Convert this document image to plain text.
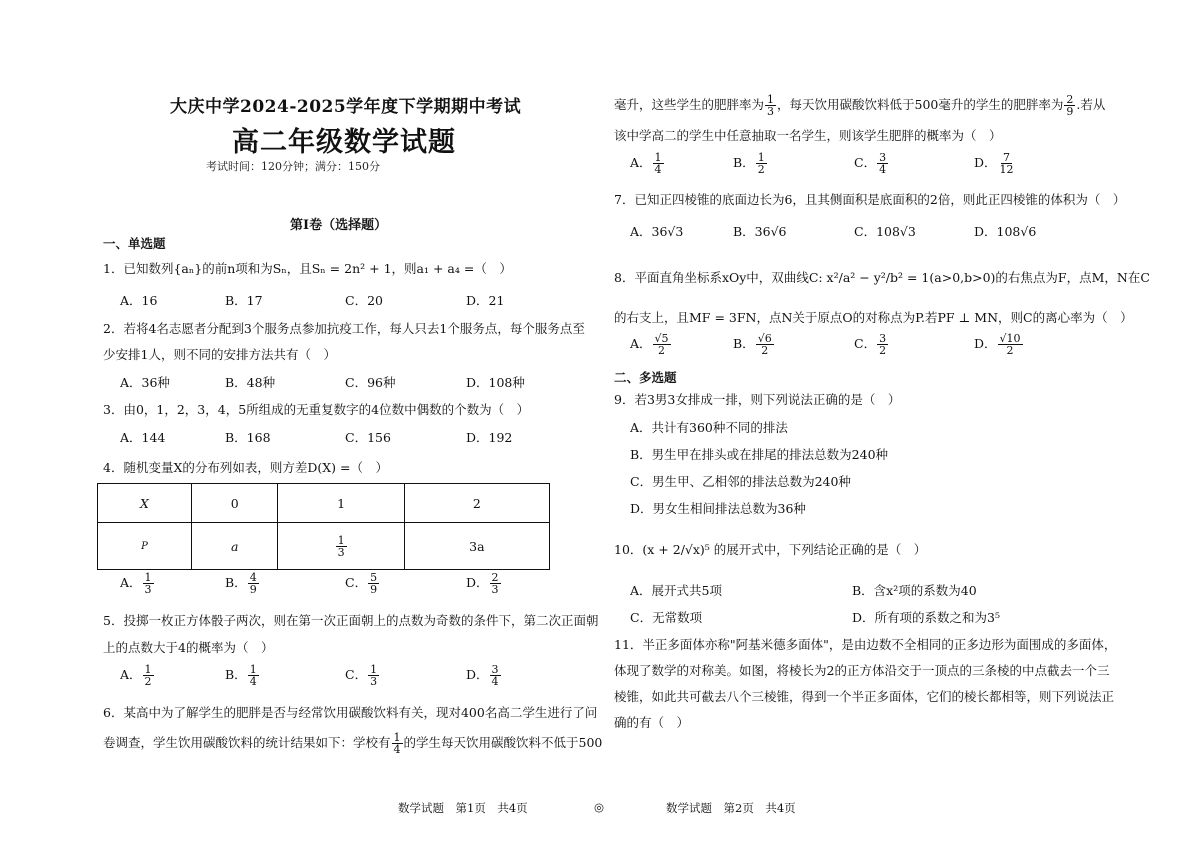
大庆中学2024-2025学年度下学期期中考试
高二年级数学试题
考试时间：120分钟；满分：150分
第Ⅰ卷（选择题）
一、单选题
1．已知数列{aₙ}的前n项和为Sₙ，且Sₙ = 2n² + 1，则a₁ + a₄ =（　）
A．16	B．17	C．20	D．21
2．若将4名志愿者分配到3个服务点参加抗疫工作，每人只去1个服务点，每个服务点至
少安排1人，则不同的安排方法共有（　）
A．36种	B．48种	C．96种	D．108种
3．由0，1，2，3，4，5所组成的无重复数字的4位数中偶数的个数为（　）
A．144	B．168	C．156	D．192
4．随机变量X的分布列如表，则方差D(X) =（　）
X	0	1	2
P	a	$\frac{1}{3}$	3a
A． $\frac{1}{3}$	B． $\frac{4}{9}$	C． $\frac{5}{9}$	D． $\frac{2}{3}$
5．投掷一枚正方体骰子两次，则在第一次正面朝上的点数为奇数的条件下，第二次正面朝
上的点数大于4的概率为（　）
A． $\frac{1}{2}$	B． $\frac{1}{4}$	C． $\frac{1}{3}$	D． $\frac{3}{4}$
6．某高中为了解学生的肥胖是否与经常饮用碳酸饮料有关，现对400名高二学生进行了问
卷调查，学生饮用碳酸饮料的统计结果如下：学校有 $\frac{1}{4}$ 的学生每天饮用碳酸饮料不低于500
毫升，这些学生的肥胖率为 $\frac{1}{3}$ ，每天饮用碳酸饮料低于500毫升的学生的肥胖率为 $\frac{2}{9}$ .若从
该中学高二的学生中任意抽取一名学生，则该学生肥胖的概率为（　）
A． $\frac{1}{4}$	B． $\frac{1}{2}$	C． $\frac{3}{4}$	D． $\frac{7}{12}$
7．已知正四棱锥的底面边长为6，且其侧面积是底面积的2倍，则此正四棱锥的体积为（　）
A．36√3	B．36√6	C．108√3	D．108√6
8．平面直角坐标系xOy中，双曲线C: x²/a² − y²/b² = 1(a>0,b>0)的右焦点为F，点M，N在C
的右支上，且MF = 3FN，点N关于原点O的对称点为P.若PF ⊥ MN，则C的离心率为（　）
A． $\frac{√5}{2}$	B． $\frac{√6}{2}$	C． $\frac{3}{2}$	D． $\frac{√10}{2}$
二、多选题
9．若3男3女排成一排，则下列说法正确的是（　）
A．共计有360种不同的排法
B．男生甲在排头或在排尾的排法总数为240种
C．男生甲、乙相邻的排法总数为240种
D．男女生相间排法总数为36种
10．(x + 2/√x)⁵ 的展开式中，下列结论正确的是（　）
A．展开式共5项	B．含x²项的系数为40
C．无常数项	D．所有项的系数之和为3⁵
11．半正多面体亦称"阿基米德多面体"，是由边数不全相同的正多边形为面围成的多面体，
体现了数学的对称美。如图，将棱长为2的正方体沿交于一顶点的三条棱的中点截去一个三
棱锥，如此共可截去八个三棱锥，得到一个半正多面体，它们的棱长都相等，则下列说法正
确的有（　）
数学试题　第1页　共4页	◎	数学试题　第2页　共4页
